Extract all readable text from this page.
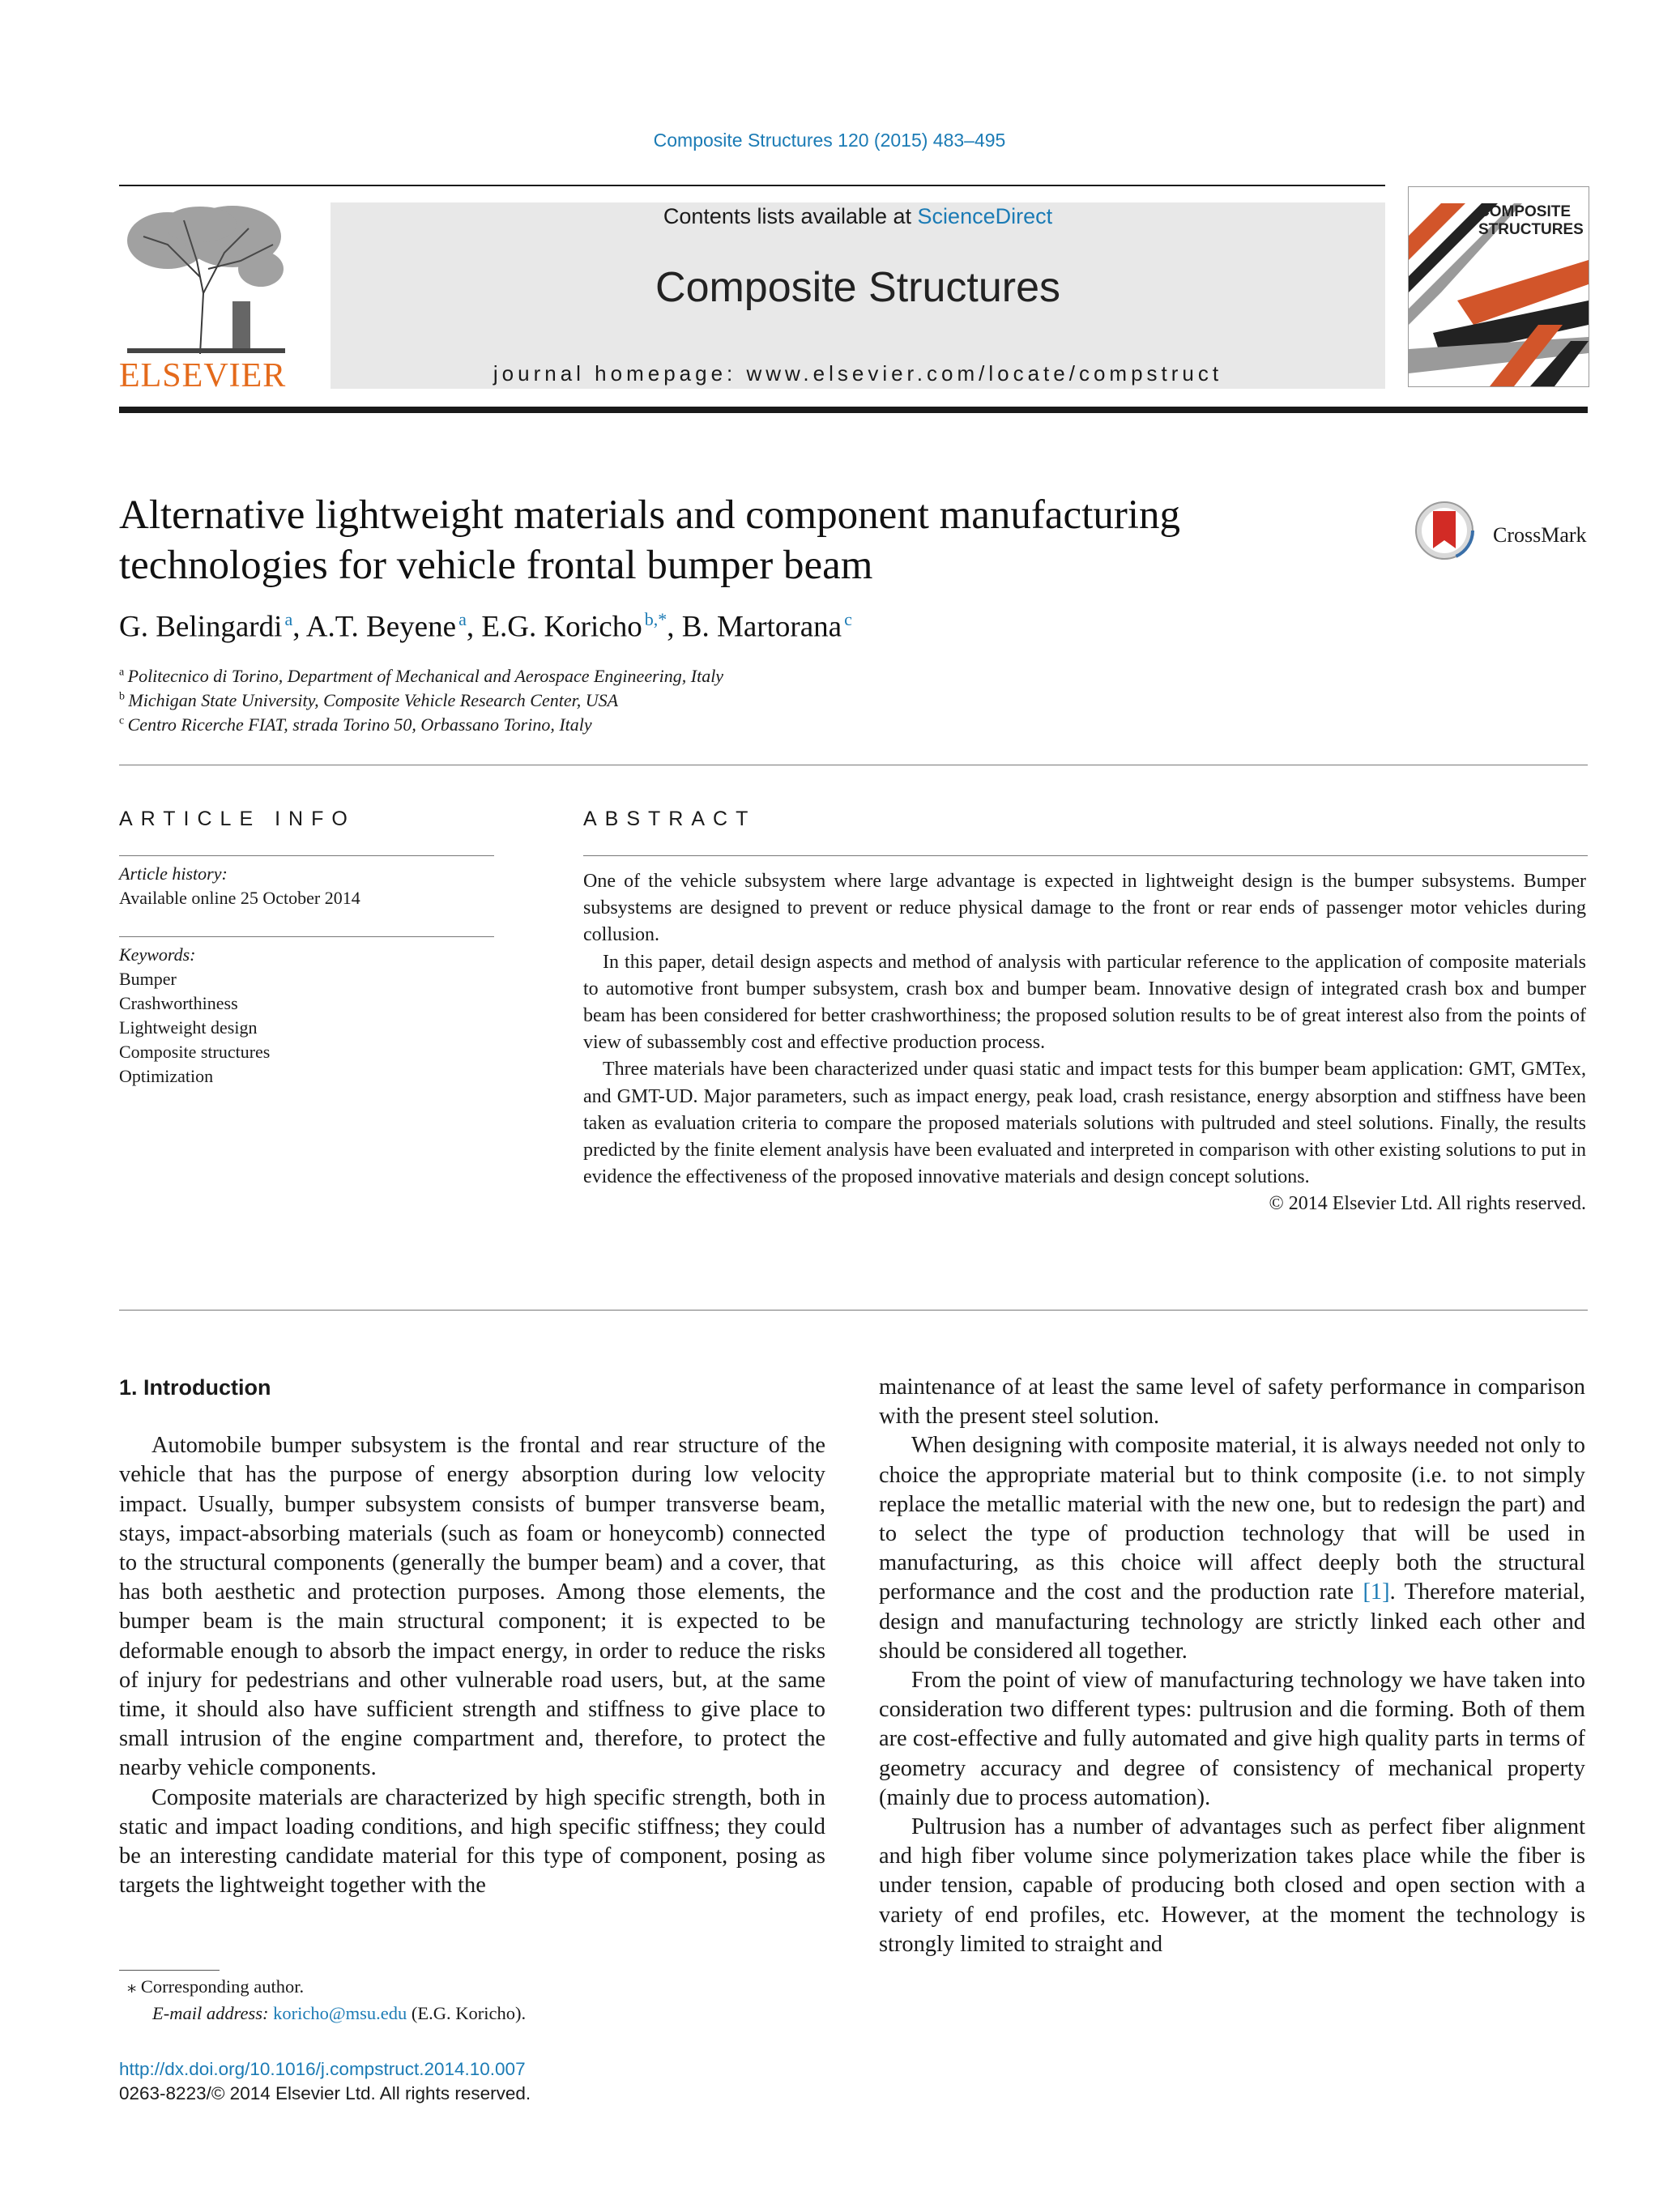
Composite Structures 120 (2015) 483–495
ELSEVIER
Contents lists available at ScienceDirect
Composite Structures
journal homepage: www.elsevier.com/locate/compstruct
COMPOSITE
STRUCTURES
Alternative lightweight materials and component manufacturing
technologies for vehicle frontal bumper beam
CrossMark
G. Belingardi  $^a$, A.T. Beyene  $^a$, E.G. Koricho  $^{b,*}$, B. Martorana  $^c$
$^a$  Politecnico di Torino, Department of Mechanical and Aerospace Engineering, Italy
$^b$  Michigan State University, Composite Vehicle Research Center, USA
$^c$  Centro Ricerche FIAT, strada Torino 50, Orbassano Torino, Italy
ARTICLE INFO
Article history:
Available online 25 October 2014
Keywords:
Bumper
Crashworthiness
Lightweight design
Composite structures
Optimization
ABSTRACT

One of the vehicle subsystem where large advantage is expected in lightweight design is the bumper subsystems. Bumper subsystems are designed to prevent or reduce physical damage to the front or rear ends of passenger motor vehicles during collusion.

In this paper, detail design aspects and method of analysis with particular reference to the application of composite materials to automotive front bumper subsystem, crash box and bumper beam. Innovative design of integrated crash box and bumper beam has been considered for better crashworthiness; the proposed solution results to be of great interest also from the points of view of subassembly cost and effective production process.

Three materials have been characterized under quasi static and impact tests for this bumper beam application: GMT, GMTex, and GMT-UD. Major parameters, such as impact energy, peak load, crash resistance, energy absorption and stiffness have been taken as evaluation criteria to compare the proposed materials solutions with pultruded and steel solutions. Finally, the results predicted by the finite element analysis have been evaluated and interpreted in comparison with other existing solutions to put in evidence the effectiveness of the proposed innovative materials and design concept solutions.

© 2014 Elsevier Ltd. All rights reserved.
1. Introduction

Automobile bumper subsystem is the frontal and rear structure of the vehicle that has the purpose of energy absorption during low velocity impact. Usually, bumper subsystem consists of bumper transverse beam, stays, impact-absorbing materials (such as foam or honeycomb) connected to the structural components (generally the bumper beam) and a cover, that has both aesthetic and protection purposes. Among those elements, the bumper beam is the main structural component; it is expected to be deformable enough to absorb the impact energy, in order to reduce the risks of injury for pedestrians and other vulnerable road users, but, at the same time, it should also have sufficient strength and stiffness to give place to small intrusion of the engine compartment and, therefore, to protect the nearby vehicle components.

Composite materials are characterized by high specific strength, both in static and impact loading conditions, and high specific stiffness; they could be an interesting candidate material for this type of component, posing as targets the lightweight together with the

maintenance of at least the same level of safety performance in comparison with the present steel solution.

When designing with composite material, it is always needed not only to choice the appropriate material but to think composite (i.e. to not simply replace the metallic material with the new one, but to redesign the part) and to select the type of production technology that will be used in manufacturing, as this choice will affect deeply both the structural performance and the cost and the production rate [1]. Therefore material, design and manufacturing technology are strictly linked each other and should be considered all together.

From the point of view of manufacturing technology we have taken into consideration two different types: pultrusion and die forming. Both of them are cost-effective and fully automated and give high quality parts in terms of geometry accuracy and degree of consistency of mechanical property (mainly due to process automation).

Pultrusion has a number of advantages such as perfect fiber alignment and high fiber volume since polymerization takes place while the fiber is under tension, capable of producing both closed and open section with a variety of end profiles, etc. However, at the moment the technology is strongly limited to straight and

⁎ Corresponding author.
E-mail address: koricho@msu.edu (E.G. Koricho).
http://dx.doi.org/10.1016/j.compstruct.2014.10.007
0263-8223/© 2014 Elsevier Ltd. All rights reserved.
